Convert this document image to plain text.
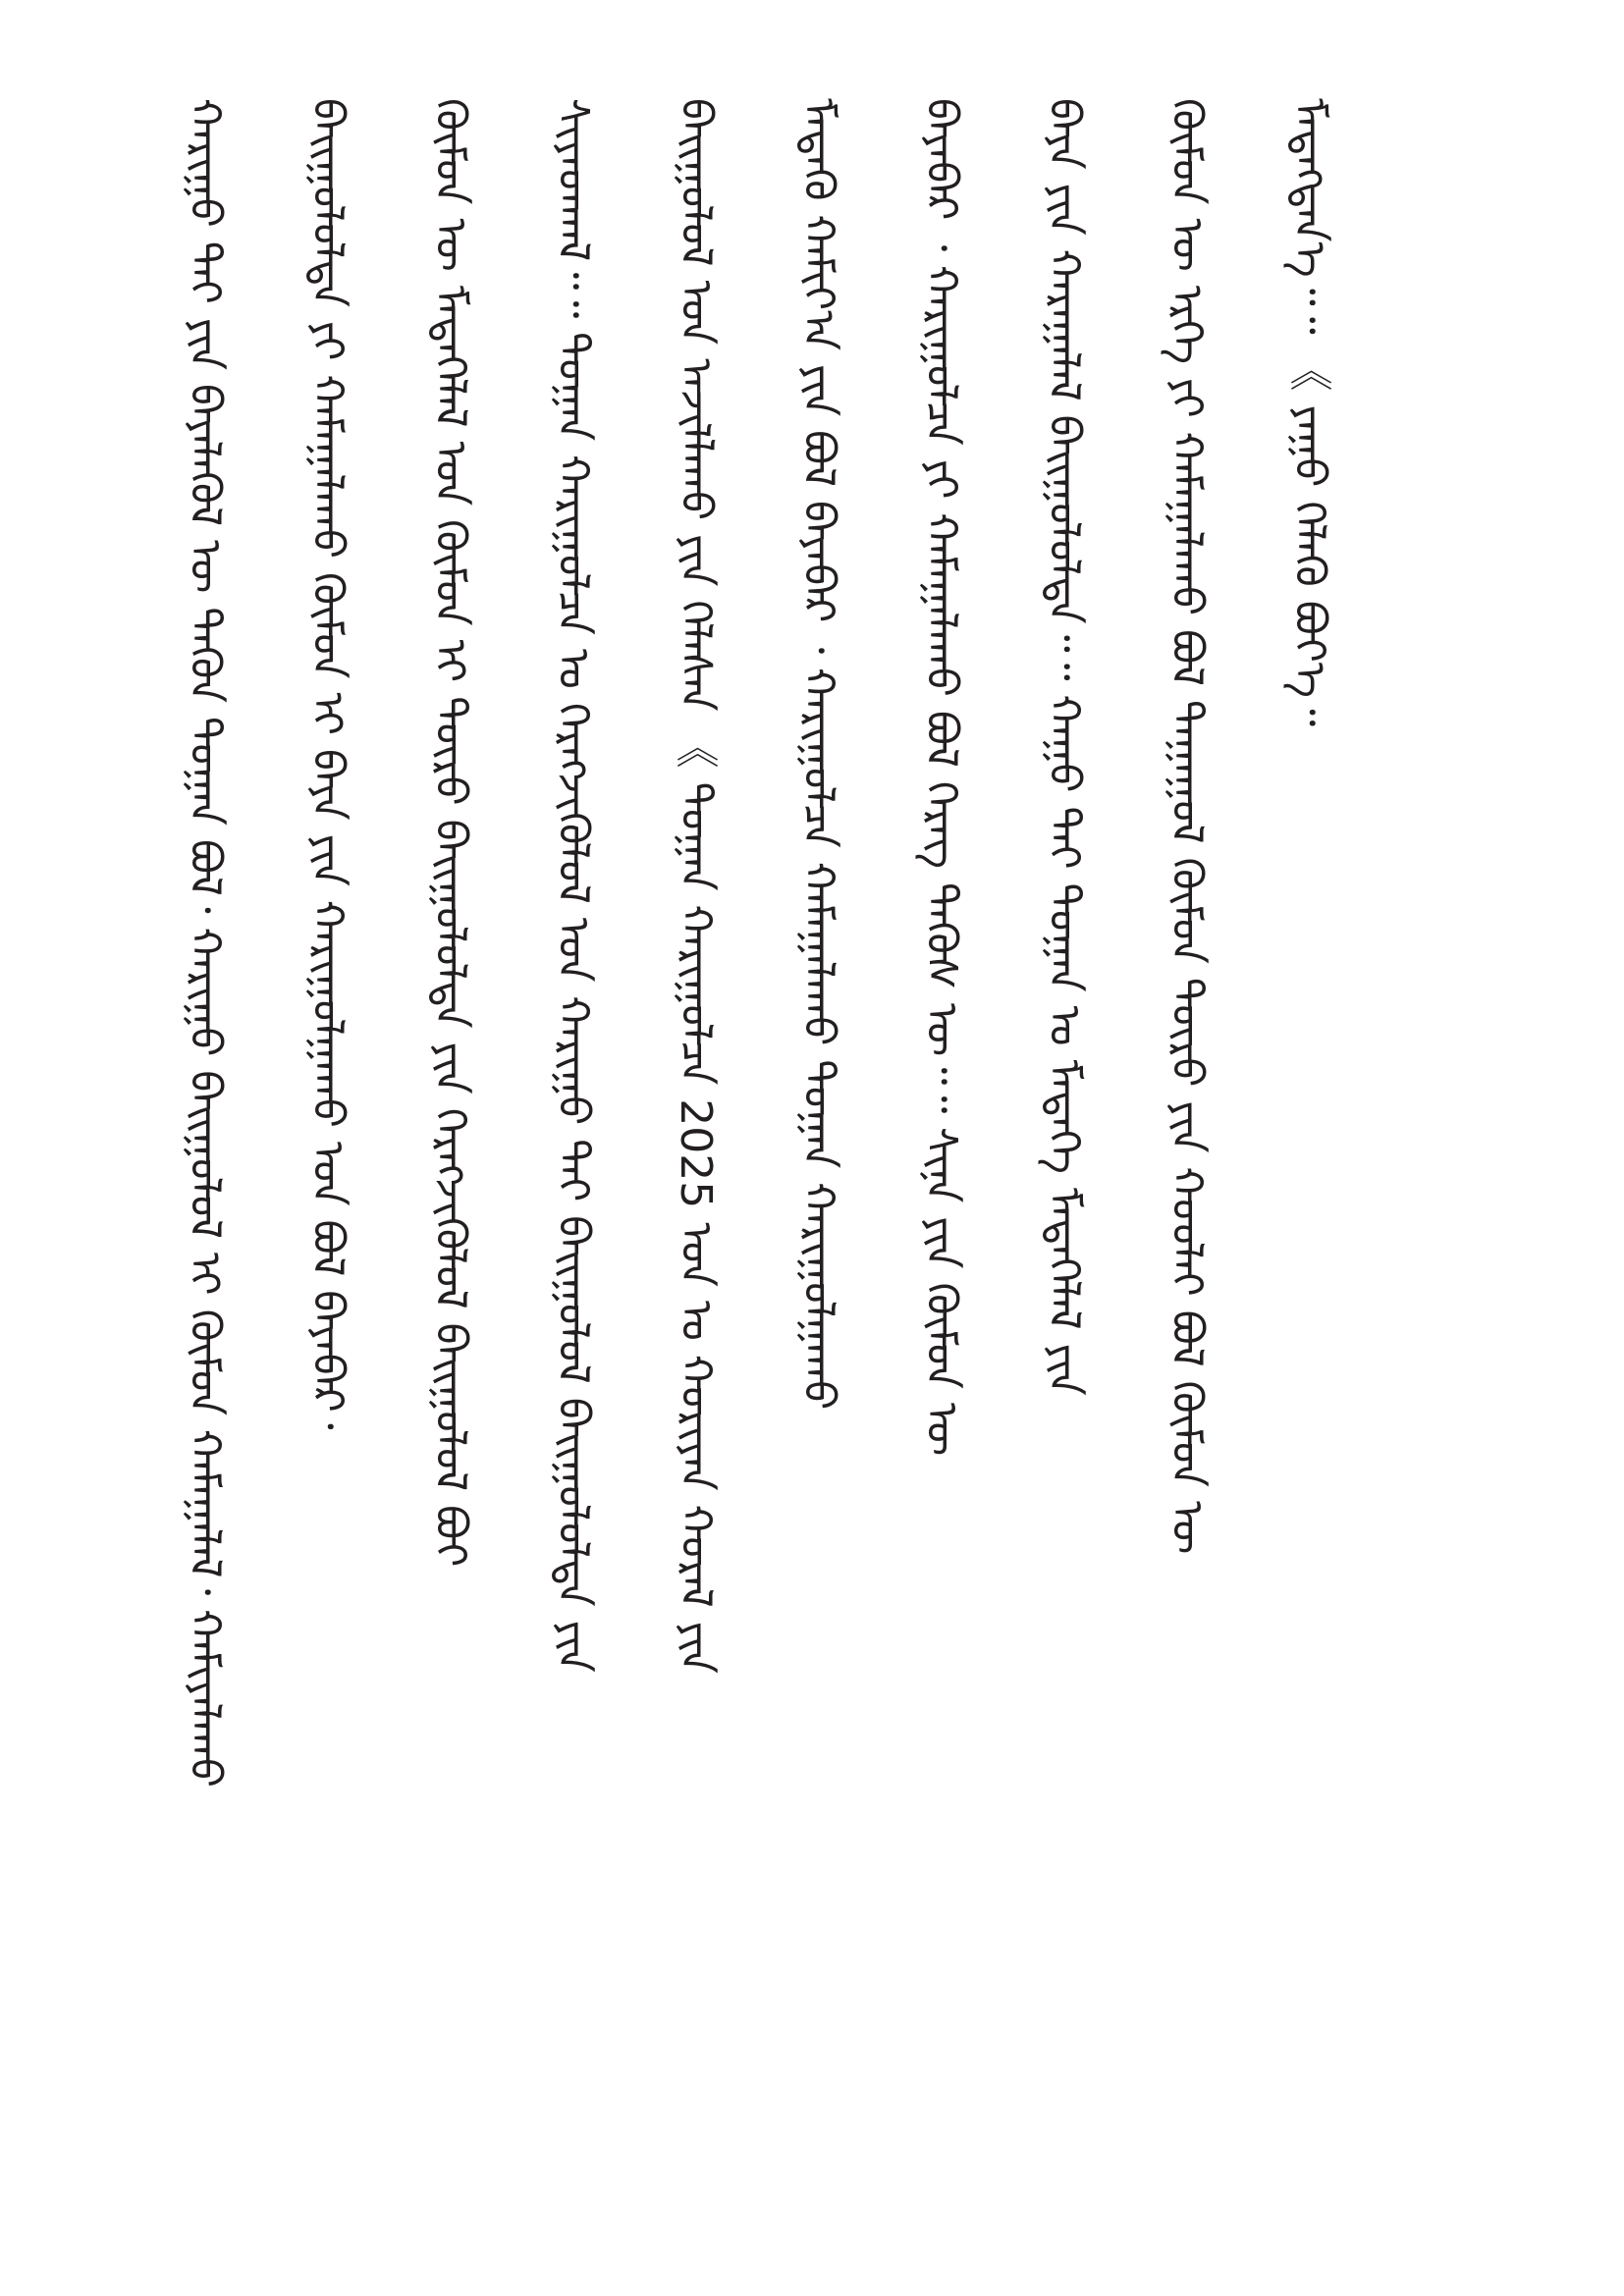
ᠮᠡᠳᠡᠭᠳᠡᠨ᠎ᠡ᠃᠃ 《 ᠶᠠᠭᠤ ᠬᠡᠯᠡᠬᠦ ᠪᠤᠢ᠎ᠡ᠃
ᠬᠦᠮᠦᠨ ᠦ ᠡᠷᠬᠡ ᠶᠢ ᠬᠠᠮᠠᠭᠠᠯᠠᠬᠤ ᠪᠤᠯ ᠳᠠᠭᠠᠭᠤᠯ ᠬᠦᠮᠦᠨ ᠲᠦᠷᠦ ᠶᠢᠨ ᠬᠤᠤᠯᠠᠢ ᠪᠤᠯ ᠬᠦᠮᠦᠨ ᠦ
ᠪᠡᠶᠡ ᠶᠢᠨ ᠬᠠᠷᠠᠭᠠᠯᠠᠯ ᠪᠠᠢᠭᠤᠯᠤᠯᠲᠠ᠃᠃ ᠬᠠᠭᠤ ᠲᠠᠢ ᠲᠤᠭᠠᠨ ᠤ ᠮᠡᠳᠡᠭᠡ ᠮᠡᠳᠡᠭᠡᠯᠡᠯ ᠶᠢᠨ
ᠪᠡᠶᠡᠪᠡᠷ ᠂ ᠬᠠᠷᠢᠭᠤᠯᠴᠠ ᠶᠢ ᠬᠠᠮᠠᠭᠠᠯᠠᠬᠤ ᠪᠤᠯ ᠬᠡᠷᠡᠭ ᠲᠡᠭᠦᠰ ᠦ᠃᠃ ᠰᠢᠨᠡ ᠶᠢᠨ ᠬᠦᠮᠦᠨ ᠦ
ᠮᠡᠳᠡᠬᠦ ᠬᠠᠮᠢᠶ᠎ᠠ ᠶᠢᠨ ᠪᠤᠯ ᠪᠡᠶᠡᠪᠡᠷ ᠂ ᠬᠠᠷᠢᠭᠤᠯᠴᠠ ᠬᠠᠮᠠᠭᠠᠯᠠᠬᠤ ᠲᠤᠭᠠᠨ ᠬᠠᠷᠢᠭᠤᠯᠭᠠᠬᠤ
ᠪᠠᠢᠭᠤᠯᠤᠯ ᠤᠨ ᠠᠵᠢᠯᠯᠠᠬᠤ ᠶᠢᠨ ᠬᠡᠯᠡᠰᠡᠨ 《 ᠲᠤᠭᠠᠨ ᠬᠠᠷᠢᠭᠤᠯᠴᠠ 2025 ᠣᠨ ᠤ ᠬᠤᠷᠢᠶᠠᠨ ᠬᠤᠷᠠᠯ ᠶᠢᠨ
ᠰᠢᠶᠠᠳᠬᠠᠯ᠃᠃ ᠲᠤᠭᠠᠨ ᠬᠠᠷᠢᠭᠤᠯᠴᠠ ᠤ ᠬᠡᠷᠡᠭᠵᠢᠬᠦᠯᠦᠯ ᠤᠨ ᠬᠠᠷᠢᠭᠤ ᠲᠡᠢ ᠪᠠᠢᠭᠤᠯᠤᠯ ᠪᠠᠢᠭᠤᠯᠤᠯᠲᠠ ᠶᠢᠨ
ᠬᠦᠮᠦᠨ ᠦ ᠮᠡᠳᠡᠭᠡᠯᠡᠯ ᠤᠨ ᠬᠦᠮᠦᠨ ᠢ ᠲᠦᠷᠦ ᠪᠠᠢᠭᠤᠯᠤᠯᠲᠠ ᠶᠢᠨ ᠬᠡᠷᠡᠭᠵᠢᠬᠦᠯᠦᠯ ᠪᠠᠢᠭᠤᠯᠤᠯ ᠪᠤᠢ
ᠪᠠᠢᠭᠤᠯᠤᠯᠲᠠ ᠶᠢ ᠬᠠᠮᠠᠭᠠᠯᠠᠬᠤ ᠬᠦᠮᠦᠨ ᠢ ᠪᠡᠶᠡ ᠶᠢᠨ ᠬᠠᠷᠢᠭᠤᠯᠭᠠᠬᠤ ᠤᠨ ᠪᠤᠯ ᠪᠡᠶᠡᠪᠡᠷ᠂
ᠬᠠᠷᠢᠭᠤ ᠲᠠᠢ ᠶᠢᠨ ᠪᠡᠶᠡᠯᠡᠬᠦᠯ ᠦ ᠲᠡᠭᠦᠨ ᠲᠤᠭᠠᠨ ᠪᠤᠯ᠂ ᠬᠠᠷᠢᠭᠤ ᠪᠠᠢᠭᠤᠯᠤᠯ ᠢ ᠬᠦᠮᠦᠨ ᠬᠠᠮᠠᠭᠠᠯᠠᠯ᠂ ᠬᠠᠮᠢᠶᠠᠯᠠᠬᠤ
